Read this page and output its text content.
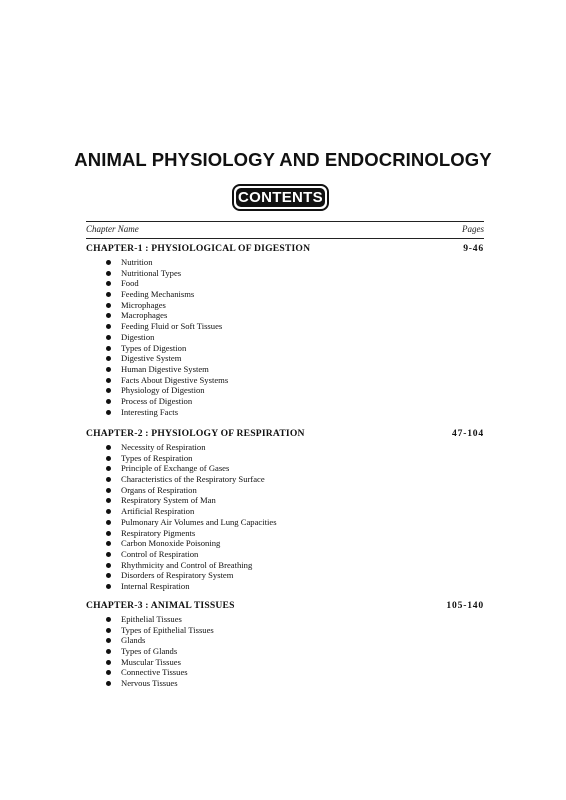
ANIMAL PHYSIOLOGY AND ENDOCRINOLOGY
CONTENTS
Chapter Name	Pages
CHAPTER-1 : PHYSIOLOGICAL OF DIGESTION	9-46
Nutrition
Nutritional Types
Food
Feeding Mechanisms
Microphages
Macrophages
Feeding Fluid or Soft Tissues
Digestion
Types of Digestion
Digestive System
Human Digestive System
Facts About Digestive Systems
Physiology of Digestion
Process of Digestion
Interesting Facts
CHAPTER-2 : PHYSIOLOGY OF RESPIRATION	47-104
Necessity of Respiration
Types of Respiration
Principle of Exchange of Gases
Characteristics of the Respiratory Surface
Organs of Respiration
Respiratory System of Man
Artificial Respiration
Pulmonary Air Volumes and Lung Capacities
Respiratory Pigments
Carbon Monoxide Poisoning
Control of Respiration
Rhythmicity and Control of Breathing
Disorders of Respiratory System
Internal Respiration
CHAPTER-3 : ANIMAL TISSUES	105-140
Epithelial Tissues
Types of Epithelial Tissues
Glands
Types of Glands
Muscular Tissues
Connective Tissues
Nervous Tissues
